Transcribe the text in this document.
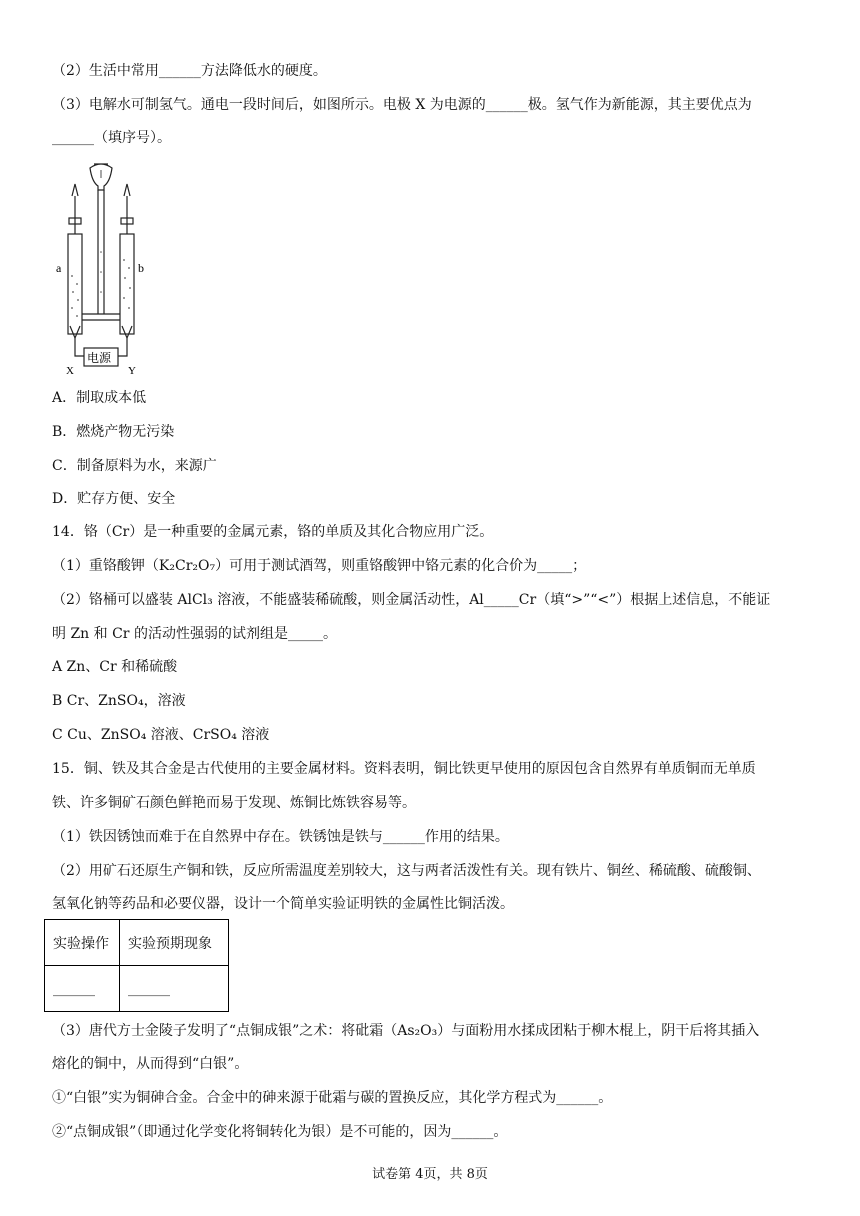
（2）生活中常用______方法降低水的硬度。
（3）电解水可制氢气。通电一段时间后，如图所示。电极 X 为电源的______极。氢气作为新能源，其主要优点为
______（填序号）。
a	b
电源
X	Y
A．制取成本低
B．燃烧产物无污染
C．制备原料为水，来源广
D．贮存方便、安全
14．铬（Cr）是一种重要的金属元素，铬的单质及其化合物应用广泛。
（1）重铬酸钾（K₂Cr₂O₇）可用于测试酒驾，则重铬酸钾中铬元素的化合价为_____；
（2）铬桶可以盛装 AlCl₃ 溶液，不能盛装稀硫酸，则金属活动性，Al_____Cr（填“>”“<”）根据上述信息，不能证
明 Zn 和 Cr 的活动性强弱的试剂组是_____。
A Zn、Cr 和稀硫酸
B Cr、ZnSO₄，溶液
C Cu、ZnSO₄ 溶液、CrSO₄ 溶液
15．铜、铁及其合金是古代使用的主要金属材料。资料表明，铜比铁更早使用的原因包含自然界有单质铜而无单质
铁、许多铜矿石颜色鲜艳而易于发现、炼铜比炼铁容易等。
（1）铁因锈蚀而难于在自然界中存在。铁锈蚀是铁与______作用的结果。
（2）用矿石还原生产铜和铁，反应所需温度差别较大，这与两者活泼性有关。现有铁片、铜丝、稀硫酸、硫酸铜、
氢氧化钠等药品和必要仪器，设计一个简单实验证明铁的金属性比铜活泼。
实验操作	实验预期现象
______	______
（3）唐代方士金陵子发明了“点铜成银”之术：将砒霜（As₂O₃）与面粉用水揉成团粘于柳木棍上，阴干后将其插入
熔化的铜中，从而得到“白银”。
①“白银”实为铜砷合金。合金中的砷来源于砒霜与碳的置换反应，其化学方程式为______。
②“点铜成银”（即通过化学变化将铜转化为银）是不可能的，因为______。
试卷第 4页，共 8页
